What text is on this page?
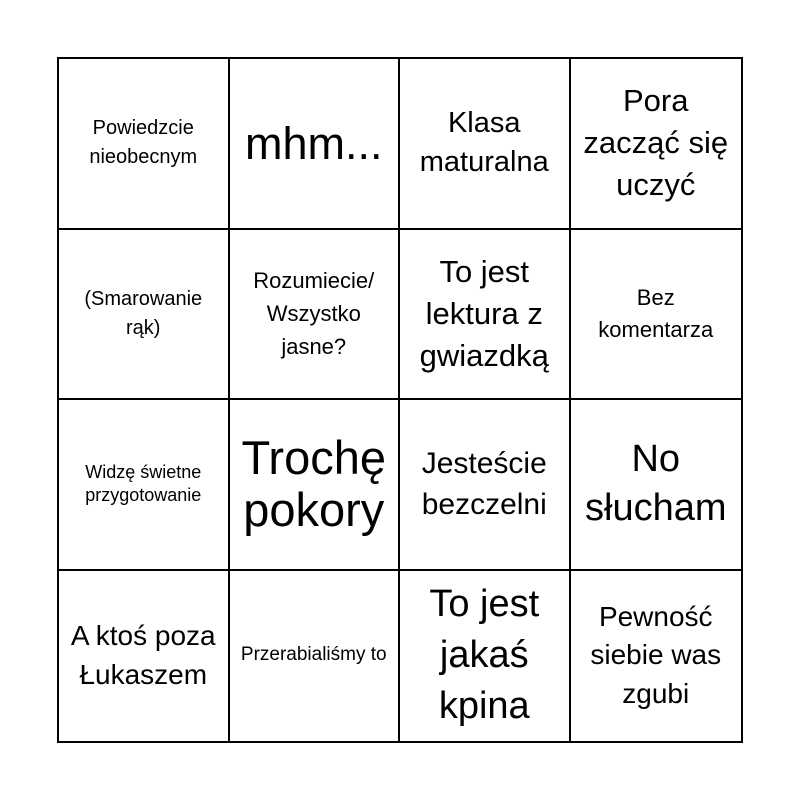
Powiedzcie nieobecnym	mhm...	Klasa maturalna
Pora zacząć się uczyć
(Smarowanie rąk)
Rozumiecie/ Wszystko jasne?
To jest lektura z gwiazdką
Bez komentarza
Widzę świetne przygotowanie
Trochę pokory
Jesteście bezczelni
No słucham
A ktoś poza Łukaszem
Przerabialiśmy to
To jest jakaś kpina
Pewność siebie was zgubi
